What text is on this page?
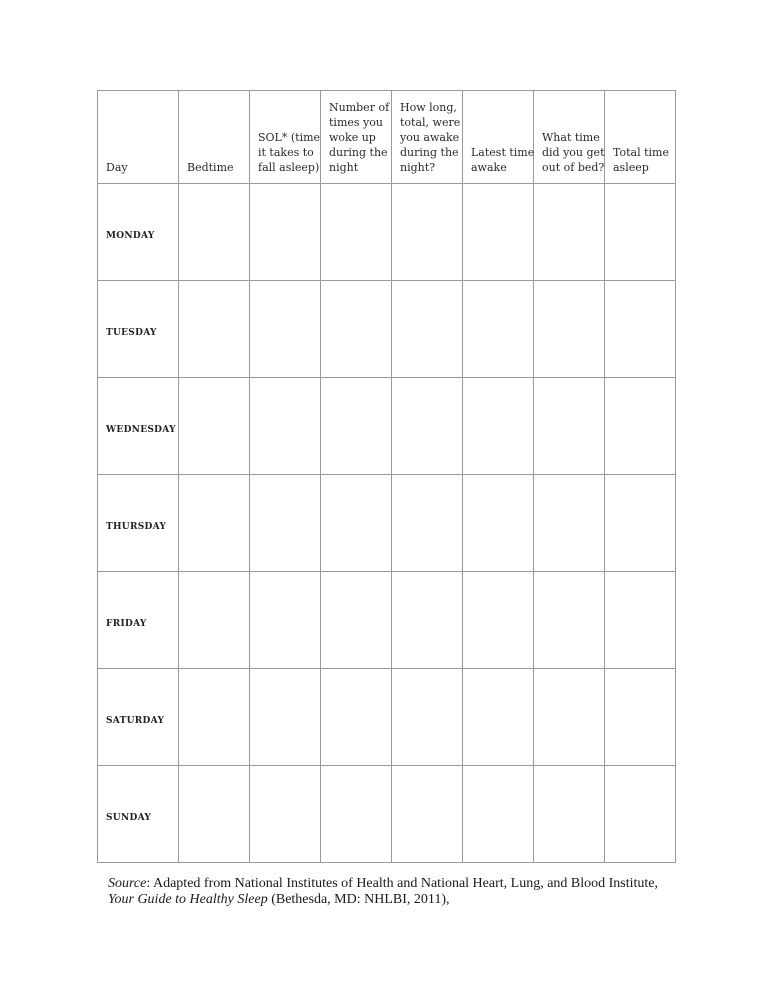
Day	Bedtime	SOL* (time
it takes to
fall asleep)	Number of
times you
woke up
during the
night	How long,
total, were
you awake
during the
night?	Latest time
awake	What time
did you get
out of bed?	Total time
asleep

MONDAY							
TUESDAY							
WEDNESDAY							
THURSDAY							
FRIDAY							
SATURDAY							
SUNDAY							
Source: Adapted from National Institutes of Health and National Heart, Lung, and Blood Institute,
Your Guide to Healthy Sleep (Bethesda, MD: NHLBI, 2011),
